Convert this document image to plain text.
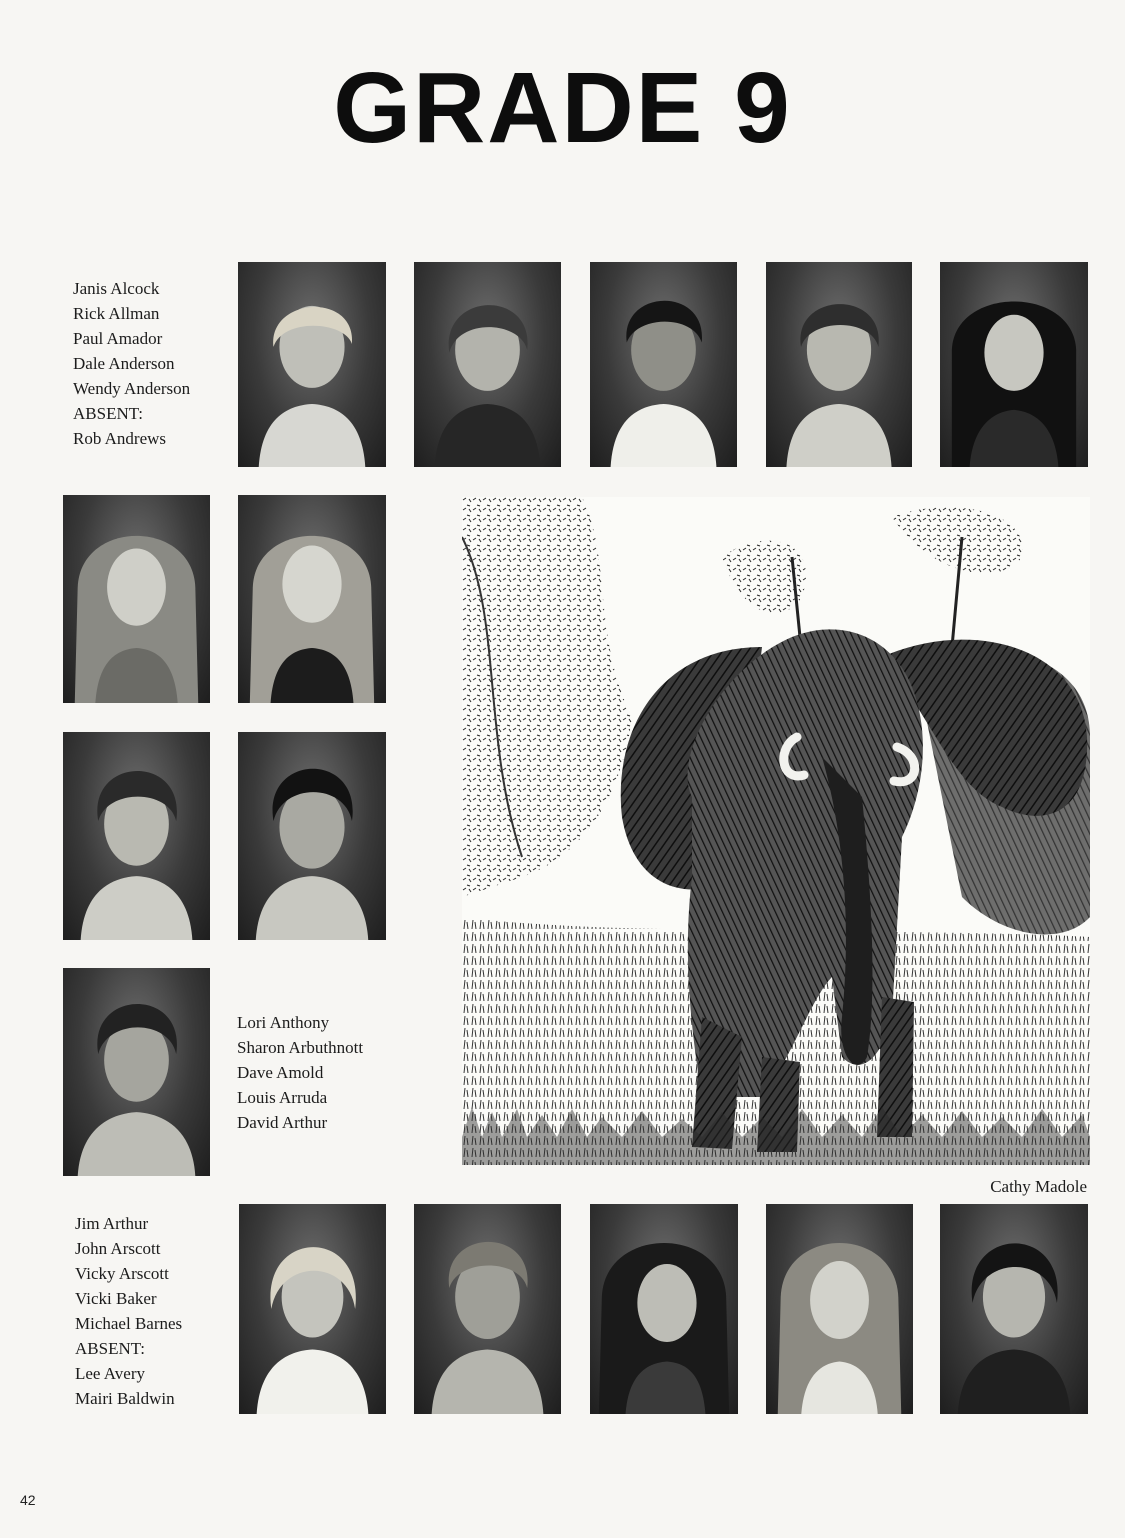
GRADE 9
Janis Alcock
Rick Allman
Paul Amador
Dale Anderson
Wendy Anderson
ABSENT:
Rob Andrews
Lori Anthony
Sharon Arbuthnott
Dave Amold
Louis Arruda
David Arthur
Jim Arthur
John Arscott
Vicky Arscott
Vicki Baker
Michael Barnes
ABSENT:
Lee Avery
Mairi Baldwin
Cathy Madole
42
